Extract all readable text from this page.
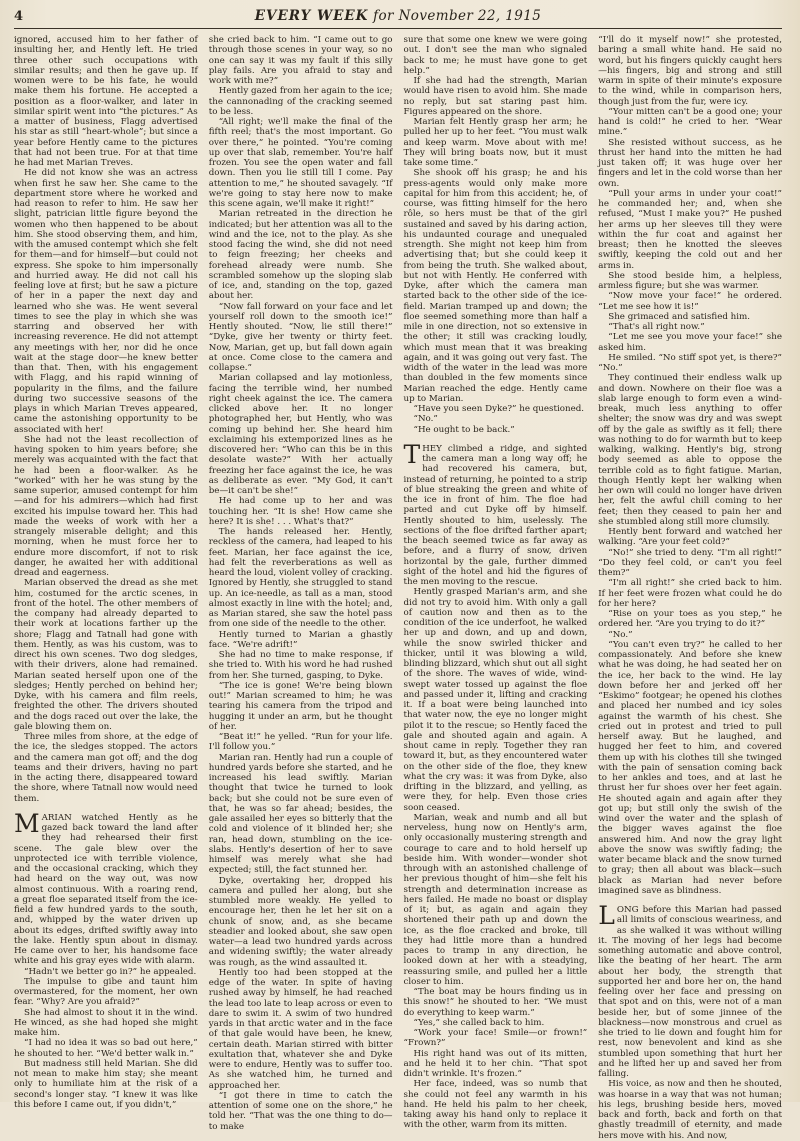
4	EVERY WEEK for November 22, 1915

ignored, accused him to her father of insulting her, and Hently left. He tried three other such occupations with similar results; and then he gave up. If women were to be his fate, he would make them his fortune. He accepted a position as a floor-walker, and later in similar spirit went into “the pictures.” As a matter of business, Flagg advertised his star as still “heart-whole”; but since a year before Hently came to the pictures that had not been true. For at that time he had met Marian Treves.

He did not know she was an actress when first he saw her. She came to the department store where he worked and had reason to refer to him. He saw her slight, patrician little figure beyond the women who then happened to be about him. She stood observing them, and him, with the amused contempt which she felt for them—and for himself—but could not express. She spoke to him impersonally and hurried away. He did not call his feeling love at first; but he saw a picture of her in a paper the next day and learned who she was. He went several times to see the play in which she was starring and observed her with increasing reverence. He did not attempt any meetings with her, nor did he once wait at the stage door—he knew better than that. Then, with his engagement with Flagg, and his rapid winning of popularity in the films, and the failure during two successive seasons of the plays in which Marian Treves appeared, came the astonishing opportunity to be associated with her!

She had not the least recollection of having spoken to him years before; she merely was acquainted with the fact that he had been a floor-walker. As he “worked” with her he was stung by the same superior, amused contempt for him—and for his admirers—which had first excited his impulse toward her. This had made the weeks of work with her a strangely miserable delight; and this morning, when he must force her to endure more discomfort, if not to risk danger, he awaited her with additional dread and eagerness.

Marian observed the dread as she met him, costumed for the arctic scenes, in front of the hotel. The other members of the company had already departed to their work at locations farther up the shore; Flagg and Tatnall had gone with them. Hently, as was his custom, was to direct his own scenes. Two dog sledges, with their drivers, alone had remained. Marian seated herself upon one of the sledges; Hently perched on behind her; Dyke, with his camera and film reels, freighted the other. The drivers shouted and the dogs raced out over the lake, the gale blowing them on.

Three miles from shore, at the edge of the ice, the sledges stopped. The actors and the camera man got off; and the dog teams and their drivers, having no part in the acting there, disappeared toward the shore, where Tatnall now would need them.

MARIAN watched Hently as he gazed back toward the land after they had rehearsed their first scene. The gale blew over the unprotected ice with terrible violence, and the occasional cracking, which they had heard on the way out, was now almost continuous. With a roaring rend, a great floe separated itself from the ice-field a few hundred yards to the south, and, whipped by the water driven up about its edges, drifted swiftly away into the lake. Hently spun about in dismay. He came over to her, his handsome face white and his gray eyes wide with alarm.

“Hadn't we better go in?” he appealed.

The impulse to gibe and taunt him overmastered, for the moment, her own fear. “Why? Are you afraid?”

She had almost to shout it in the wind. He winced, as she had hoped she might make him.

“I had no idea it was so bad out here,” he shouted to her. “We'd better walk in.”

But madness still held Marian. She did not mean to make him stay; she meant only to humiliate him at the risk of a second's longer stay. “I knew it was like this before I came out, if you didn't,”

she cried back to him. “I came out to go through those scenes in your way, so no one can say it was my fault if this silly play fails. Are you afraid to stay and work with me?”

Hently gazed from her again to the ice; the cannonading of the cracking seemed to be less.

“All right; we'll make the final of the fifth reel; that's the most important. Go over there,” he pointed. “You're coming up over that slab, remember. You're half frozen. You see the open water and fall down. Then you lie still till I come. Pay attention to me,” he shouted savagely. “If we're going to stay here now to make this scene again, we'll make it right!”

Marian retreated in the direction he indicated; but her attention was all to the wind and the ice, not to the play. As she stood facing the wind, she did not need to feign freezing; her cheeks and forehead already were numb. She scrambled somehow up the sloping slab of ice, and, standing on the top, gazed about her.

“Now fall forward on your face and let yourself roll down to the smooth ice!” Hently shouted. “Now, lie still there!” “Dyke, give her twenty or thirty feet. Now, Marian, get up, but fall down again at once. Come close to the camera and collapse.”

Marian collapsed and lay motionless, facing the terrible wind, her numbed right cheek against the ice. The camera clicked above her. It no longer photographed her, but Hently, who was coming up behind her. She heard him exclaiming his extemporized lines as he discovered her: “Who can this be in this desolate waste?” With her actually freezing her face against the ice, he was as deliberate as ever. “My God, it can't be—it can't be she!”

He had come up to her and was touching her. “It is she! How came she here? It is she! . . . What's that?”

The hands released her. Hently, reckless of the camera, had leaped to his feet. Marian, her face against the ice, had felt the reverberations as well as heard the loud, violent volley of cracking. Ignored by Hently, she struggled to stand up. An ice-needle, as tall as a man, stood almost exactly in line with the hotel; and, as Marian stared, she saw the hotel pass from one side of the needle to the other.

Hently turned to Marian a ghastly face. “We're adrift!”

She had no time to make response, if she tried to. With his word he had rushed from her. She turned, gasping, to Dyke.

“The ice is gone! We're being blown out!” Marian screamed to him; he was tearing his camera from the tripod and hugging it under an arm, but he thought of her.

“Beat it!” he yelled. “Run for your life. I'll follow you.”

Marian ran. Hently had run a couple of hundred yards before she started, and he increased his lead swiftly. Marian thought that twice he turned to look back; but she could not be sure even of that, he was so far ahead; besides, the gale assailed her eyes so bitterly that the cold and violence of it blinded her; she ran, head down, stumbling on the ice-slabs. Hently's desertion of her to save himself was merely what she had expected; still, the fact stunned her.

Dyke, overtaking her, dropped his camera and pulled her along, but she stumbled more weakly. He yelled to encourage her, then he let her sit on a chunk of snow, and, as she became steadier and looked about, she saw open water—a lead two hundred yards across and widening swiftly; the water already was rough, as the wind assaulted it.

Hently too had been stopped at the edge of the water. In spite of having rushed away by himself, he had reached the lead too late to leap across or even to dare to swim it. A swim of two hundred yards in that arctic water and in the face of that gale would have been, he knew, certain death. Marian stirred with bitter exultation that, whatever she and Dyke were to endure, Hently was to suffer too. As she watched him, he turned and approached her.

“I got there in time to catch the attention of some one on the shore,” he told her. “That was the one thing to do—to make

sure that some one knew we were going out. I don't see the man who signaled back to me; he must have gone to get help.”

If she had had the strength, Marian would have risen to avoid him. She made no reply, but sat staring past him. Figures appeared on the shore.

Marian felt Hently grasp her arm; he pulled her up to her feet. “You must walk and keep warm. Move about with me! They will bring boats now, but it must take some time.”

She shook off his grasp; he and his press-agents would only make more capital for him from this accident; he, of course, was fitting himself for the hero rôle, so hers must be that of the girl sustained and saved by his daring action, his undaunted courage and unequaled strength. She might not keep him from advertising that; but she could keep it from being the truth. She walked about, but not with Hently. He conferred with Dyke, after which the camera man started back to the other side of the ice-field. Marian tramped up and down; the floe seemed something more than half a mile in one direction, not so extensive in the other; it still was cracking loudly, which must mean that it was breaking again, and it was going out very fast. The width of the water in the lead was more than doubled in the few moments since Marian reached the edge. Hently came up to Marian.

“Have you seen Dyke?” he questioned.

“No.”

“He ought to be back.”

THEY climbed a ridge, and sighted the camera man a long way off; he had recovered his camera, but, instead of returning, he pointed to a strip of blue streaking the green and white of the ice in front of him. The floe had parted and cut Dyke off by himself. Hently shouted to him, uselessly. The sections of the floe drifted farther apart; the beach seemed twice as far away as before, and a flurry of snow, driven horizontal by the gale, further dimmed sight of the hotel and hid the figures of the men moving to the rescue.

Hently grasped Marian's arm, and she did not try to avoid him. With only a gall of caution now and then as to the condition of the ice underfoot, he walked her up and down, and up and down, while the snow swirled thicker and thicker, until it was blowing a wild, blinding blizzard, which shut out all sight of the shore. The waves of wide, wind-swept water tossed up against the floe and passed under it, lifting and cracking it. If a boat were being launched into that water now, the eye no longer might pilot it to the rescue; so Hently faced the gale and shouted again and again. A shout came in reply. Together they ran toward it, but, as they encountered water on the other side of the floe, they knew what the cry was: it was from Dyke, also drifting in the blizzard, and yelling, as were they, for help. Even those cries soon ceased.

Marian, weak and numb and all but nerveless, hung now on Hently's arm, only occasionally mustering strength and courage to care and to hold herself up beside him. With wonder—wonder shot through with an astonished challenge of her previous thought of him—she felt his strength and determination increase as hers failed. He made no boast or display of it; but, as again and again they shortened their path up and down the ice, as the floe cracked and broke, till they had little more than a hundred paces to tramp in any direction, he looked down at her with a steadying, reassuring smile, and pulled her a little closer to him.

“The boat may be hours finding us in this snow!” he shouted to her. “We must do everything to keep warm.”

“Yes,” she called back to him.

“Work your face! Smile—or frown!” “Frown?”

His right hand was out of its mitten, and he held it to her chin. “That spot didn't wrinkle. It's frozen.”

Her face, indeed, was so numb that she could not feel any warmth in his hand. He held his palm to her cheek, taking away his hand only to replace it with the other, warm from its mitten.

“I'll do it myself now!” she protested, baring a small white hand. He said no word, but his fingers quickly caught hers—his fingers, big and strong and still warm in spite of their minute's exposure to the wind, while in comparison hers, though just from the fur, were icy.

“Your mitten can't be a good one; your hand is cold!” he cried to her. “Wear mine.”

She resisted without success, as he thrust her hand into the mitten he had just taken off; it was huge over her fingers and let in the cold worse than her own.

“Pull your arms in under your coat!” he commanded her; and, when she refused, “Must I make you?” He pushed her arms up her sleeves till they were within the fur coat and against her breast; then he knotted the sleeves swiftly, keeping the cold out and her arms in.

She stood beside him, a helpless, armless figure; but she was warmer.

“Now move your face!” he ordered. “Let me see how it is!”

She grimaced and satisfied him.

“That's all right now.”

“Let me see you move your face!” she asked him.

He smiled. “No stiff spot yet, is there?” “No.”

They continued their endless walk up and down. Nowhere on their floe was a slab large enough to form even a wind-break, much less anything to offer shelter; the snow was dry and was swept off by the gale as swiftly as it fell; there was nothing to do for warmth but to keep walking, walking. Hently's big, strong body seemed as able to oppose the terrible cold as to fight fatigue. Marian, though Hently kept her walking when her own will could no longer have driven her, felt the awful chill coming to her feet; then they ceased to pain her and she stumbled along still more clumsily.

Hently bent forward and watched her walking. “Are your feet cold?”

“No!” she tried to deny. “I'm all right!” “Do they feel cold, or can't you feel them?”

“I'm all right!” she cried back to him. If her feet were frozen what could he do for her here?

“Rise on your toes as you step,” he ordered her. “Are you trying to do it?”

“No.”

“You can't even try?” he called to her compassionately. And before she knew what he was doing, he had seated her on the ice, her back to the wind. He lay down before her and jerked off her “Eskimo” footgear; he opened his clothes and placed her numbed and icy soles against the warmth of his chest. She cried out in protest and tried to pull herself away. But he laughed, and hugged her feet to him, and covered them up with his clothes till she twinged with the pain of sensation coming back to her ankles and toes, and at last he thrust her fur shoes over her feet again. He shouted again and again after they got up; but still only the swish of the wind over the water and the splash of the bigger waves against the floe answered him. And now the gray light above the snow was swiftly fading; the water became black and the snow turned to gray; then all about was black—such black as Marian had never before imagined save as blindness.

LONG before this Marian had passed all limits of conscious weariness, and as she walked it was without willing it. The moving of her legs had become something automatic and above control, like the beating of her heart. The arm about her body, the strength that supported her and bore her on, the hand feeling over her face and pressing on that spot and on this, were not of a man beside her, but of some jinnee of the blackness—now monstrous and cruel as she tried to lie down and fought him for rest, now benevolent and kind as she stumbled upon something that hurt her and he lifted her up and saved her from falling.

His voice, as now and then he shouted, was hoarse in a way that was not human; his legs, brushing beside hers, moved back and forth, back and forth on that ghastly treadmill of eternity, and made hers move with his. And now,
